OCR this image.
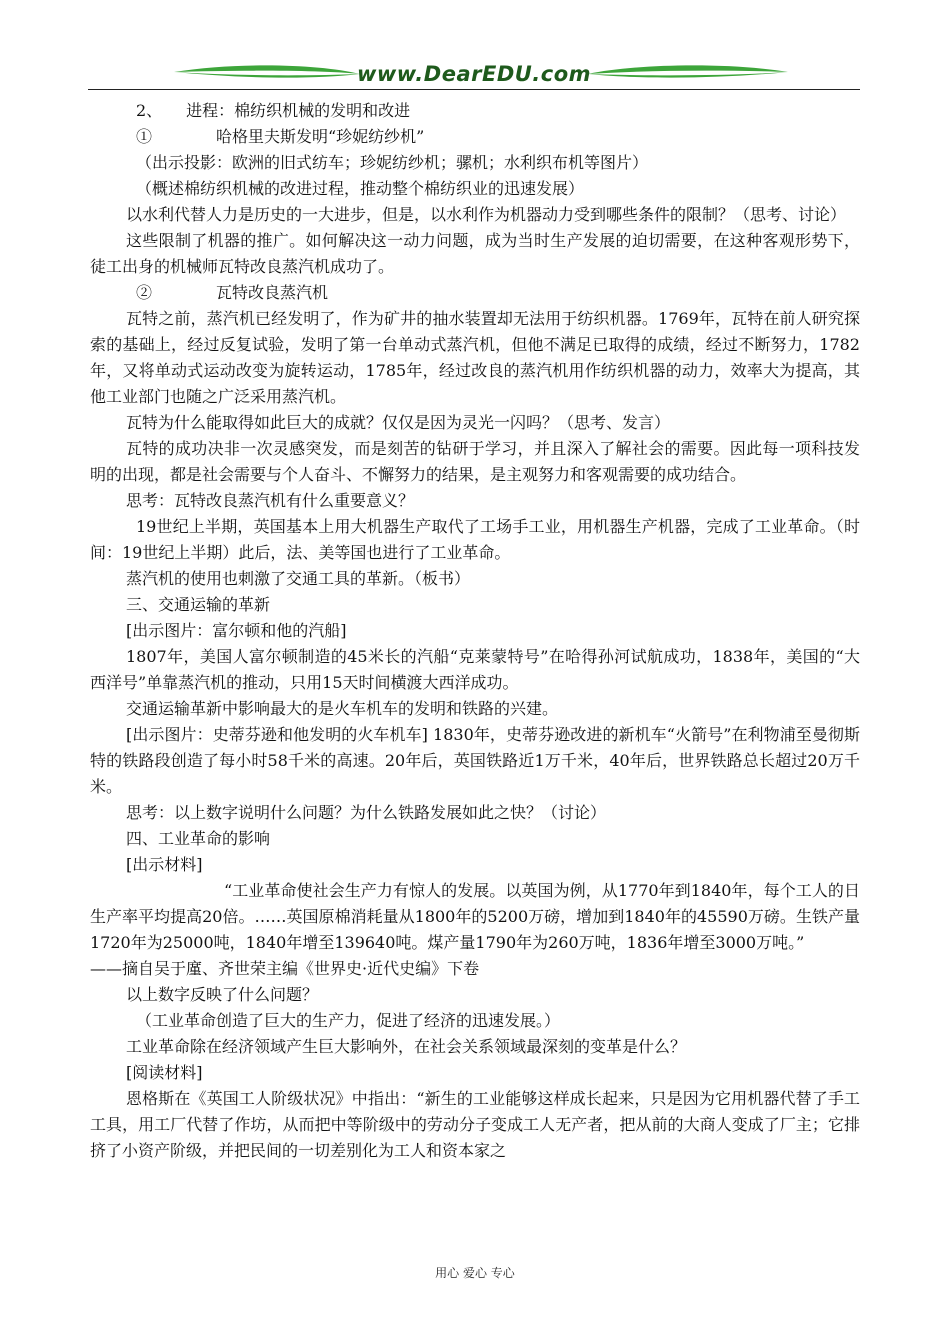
www.DearEDU.com

2、　　进程：棉纺织机械的发明和改进

①　　　　哈格里夫斯发明“珍妮纺纱机”

（出示投影：欧洲的旧式纺车；珍妮纺纱机；骡机；水利织布机等图片）

（概述棉纺织机械的改进过程，推动整个棉纺织业的迅速发展）

以水利代替人力是历史的一大进步，但是，以水利作为机器动力受到哪些条件的限制？（思考、讨论）

这些限制了机器的推广。如何解决这一动力问题，成为当时生产发展的迫切需要，在这种客观形势下，徒工出身的机械师瓦特改良蒸汽机成功了。

②　　　　瓦特改良蒸汽机

瓦特之前，蒸汽机已经发明了，作为矿井的抽水装置却无法用于纺织机器。1769年，瓦特在前人研究探索的基础上，经过反复试验，发明了第一台单动式蒸汽机，但他不满足已取得的成绩，经过不断努力，1782年，又将单动式运动改变为旋转运动，1785年，经过改良的蒸汽机用作纺织机器的动力，效率大为提高，其他工业部门也随之广泛采用蒸汽机。

瓦特为什么能取得如此巨大的成就？仅仅是因为灵光一闪吗？（思考、发言）

瓦特的成功决非一次灵感突发，而是刻苦的钻研于学习，并且深入了解社会的需要。因此每一项科技发明的出现，都是社会需要与个人奋斗、不懈努力的结果，是主观努力和客观需要的成功结合。

思考：瓦特改良蒸汽机有什么重要意义？

19世纪上半期，英国基本上用大机器生产取代了工场手工业，用机器生产机器，完成了工业革命。（时间：19世纪上半期）此后，法、美等国也进行了工业革命。

蒸汽机的使用也刺激了交通工具的革新。（板书）

三、交通运输的革新

[出示图片：富尔顿和他的汽船]

1807年，美国人富尔顿制造的45米长的汽船“克莱蒙特号”在哈得孙河试航成功，1838年，美国的“大西洋号”单靠蒸汽机的推动，只用15天时间横渡大西洋成功。

交通运输革新中影响最大的是火车机车的发明和铁路的兴建。

[出示图片：史蒂芬逊和他发明的火车机车] 1830年，史蒂芬逊改进的新机车“火箭号”在利物浦至曼彻斯特的铁路段创造了每小时58千米的高速。20年后，英国铁路近1万千米，40年后，世界铁路总长超过20万千米。

思考：以上数字说明什么问题？为什么铁路发展如此之快？（讨论）

四、工业革命的影响

[出示材料]

“工业革命使社会生产力有惊人的发展。以英国为例，从1770年到1840年，每个工人的日生产率平均提高20倍。……英国原棉消耗量从1800年的5200万磅，增加到1840年的45590万磅。生铁产量1720年为25000吨，1840年增至139640吨。煤产量1790年为260万吨，1836年增至3000万吨。”

——摘自吴于廑、齐世荣主编《世界史·近代史编》下卷

以上数字反映了什么问题？

（工业革命创造了巨大的生产力，促进了经济的迅速发展。）

工业革命除在经济领域产生巨大影响外，在社会关系领域最深刻的变革是什么？

[阅读材料]

恩格斯在《英国工人阶级状况》中指出：“新生的工业能够这样成长起来，只是因为它用机器代替了手工工具，用工厂代替了作坊，从而把中等阶级中的劳动分子变成工人无产者，把从前的大商人变成了厂主；它排挤了小资产阶级，并把民间的一切差别化为工人和资本家之

用心 爱心 专心
